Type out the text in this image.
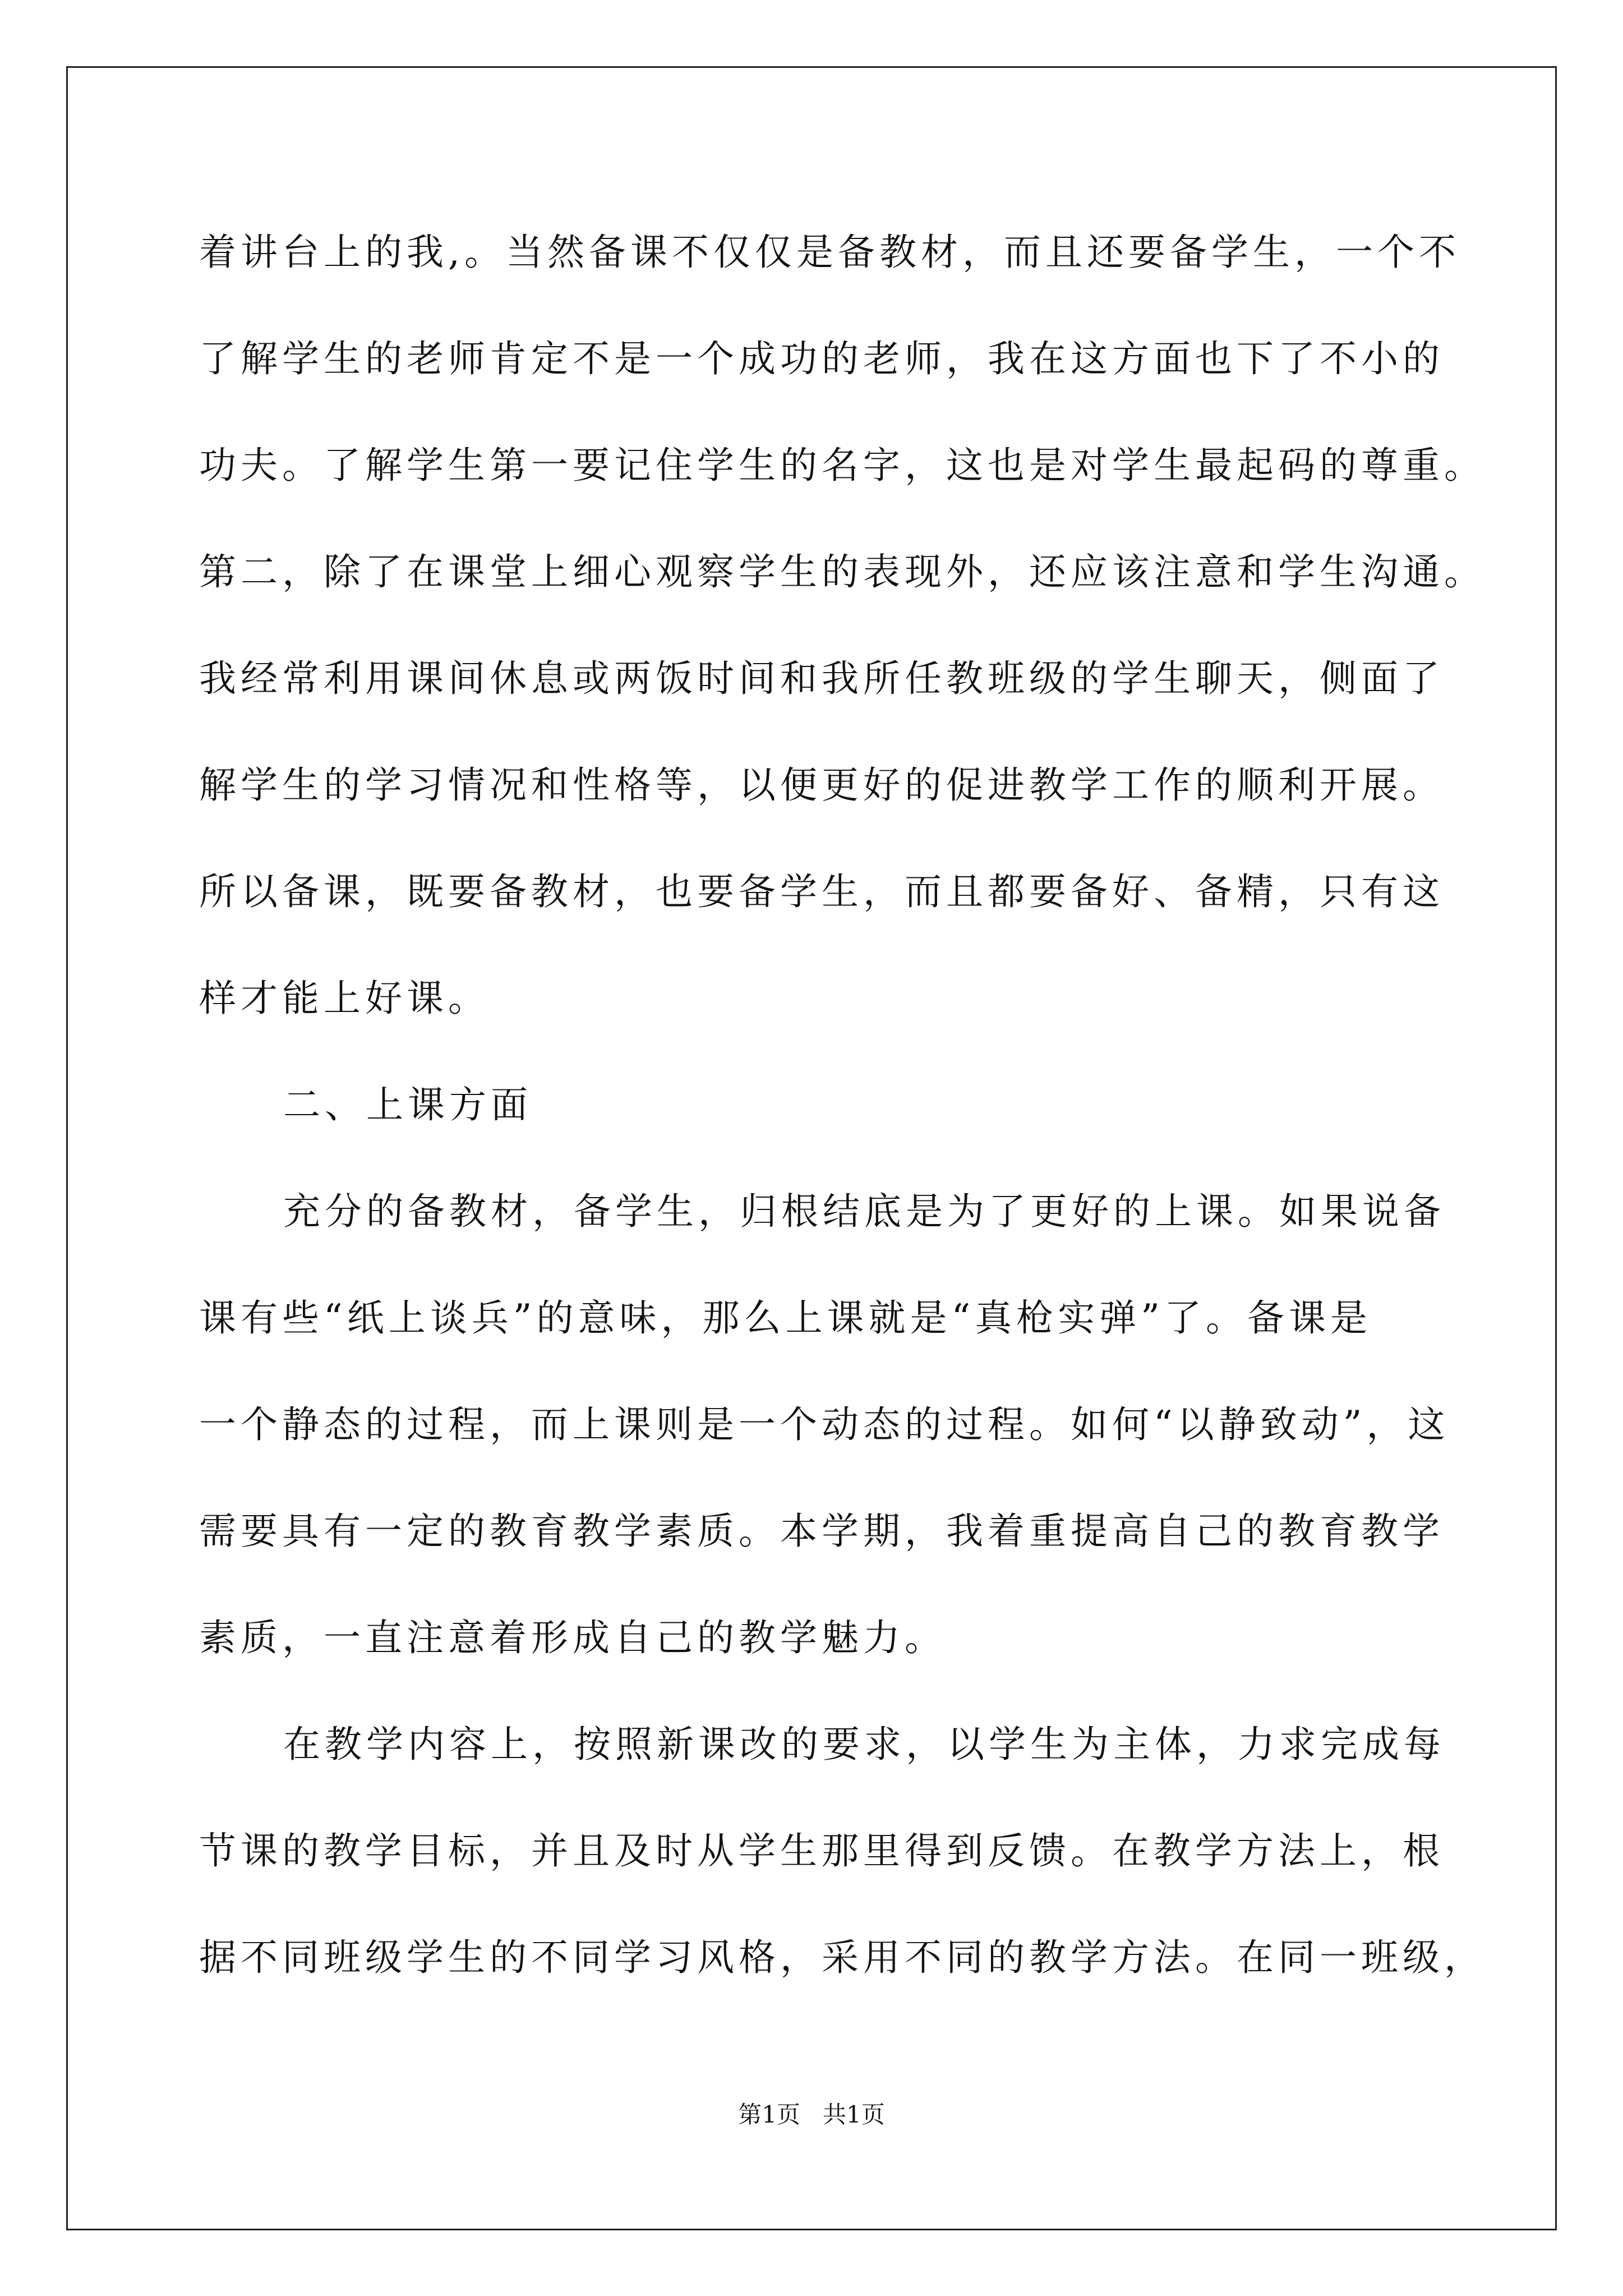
着讲台上的我,。当然备课不仅仅是备教材，而且还要备学生，一个不
了解学生的老师肯定不是一个成功的老师，我在这方面也下了不小的
功夫。了解学生第一要记住学生的名字，这也是对学生最起码的尊重。
第二，除了在课堂上细心观察学生的表现外，还应该注意和学生沟通。
我经常利用课间休息或两饭时间和我所任教班级的学生聊天，侧面了
解学生的学习情况和性格等，以便更好的促进教学工作的顺利开展。
所以备课，既要备教材，也要备学生，而且都要备好、备精，只有这
样才能上好课。
二、上课方面
充分的备教材，备学生，归根结底是为了更好的上课。如果说备
课有些“纸上谈兵”的意味，那么上课就是“真枪实弹”了。备课是
一个静态的过程，而上课则是一个动态的过程。如何“以静致动”，这
需要具有一定的教育教学素质。本学期，我着重提高自己的教育教学
素质，一直注意着形成自己的教学魅力。
在教学内容上，按照新课改的要求，以学生为主体，力求完成每
节课的教学目标，并且及时从学生那里得到反馈。在教学方法上，根
据不同班级学生的不同学习风格，采用不同的教学方法。在同一班级，
第1页   共1页
